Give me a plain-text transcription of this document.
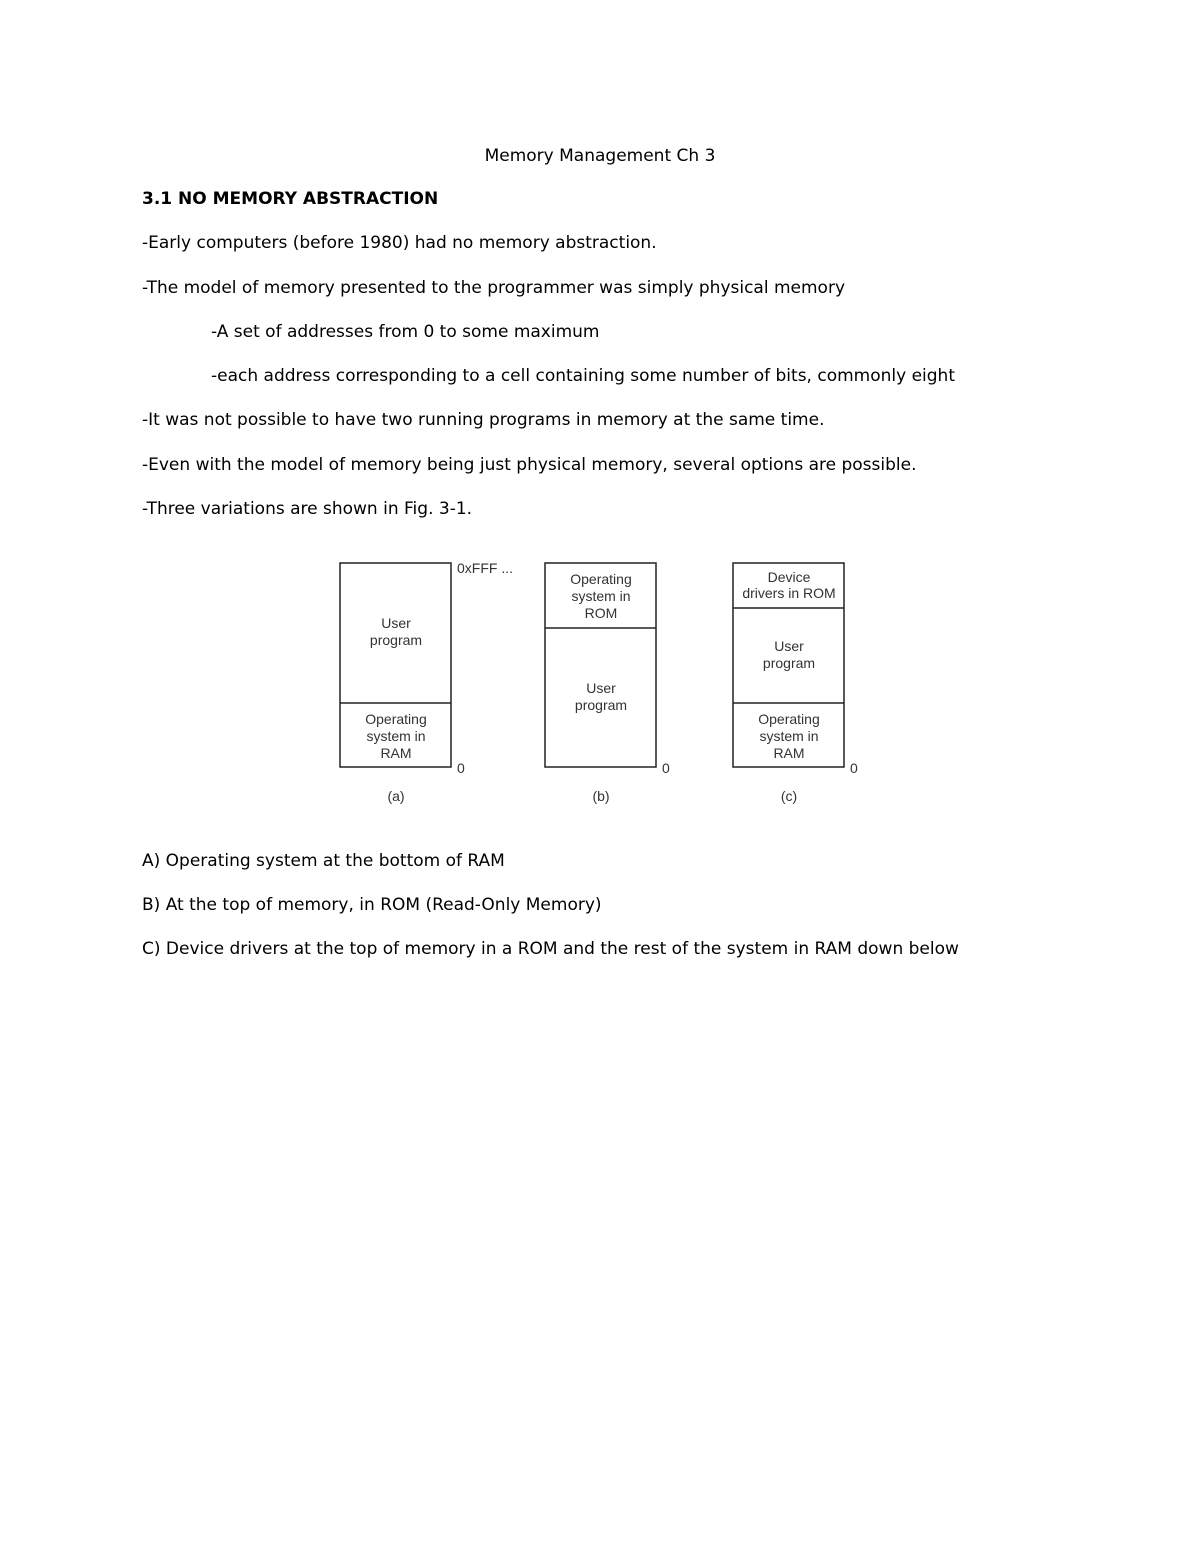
Memory Management Ch 3
3.1 NO MEMORY ABSTRACTION
-Early computers (before 1980) had no memory abstraction.
-The model of memory presented to the programmer was simply physical memory
-A set of addresses from 0 to some maximum
-each address corresponding to a cell containing some number of bits, commonly eight
-It was not possible to have two running programs in memory at the same time.
-Even with the model of memory being just physical memory, several options are possible.
-Three variations are shown in Fig. 3-1.
User
program
Operating
system in
RAM
Operating
system in
ROM
User
program
Device
drivers in ROM
User
program
Operating
system in
RAM
0xFFF ...
0	0	0
(a)	(b)	(c)
A) Operating system at the bottom of RAM
B) At the top of memory, in ROM (Read-Only Memory)
C) Device drivers at the top of memory in a ROM and the rest of the system in RAM down below
